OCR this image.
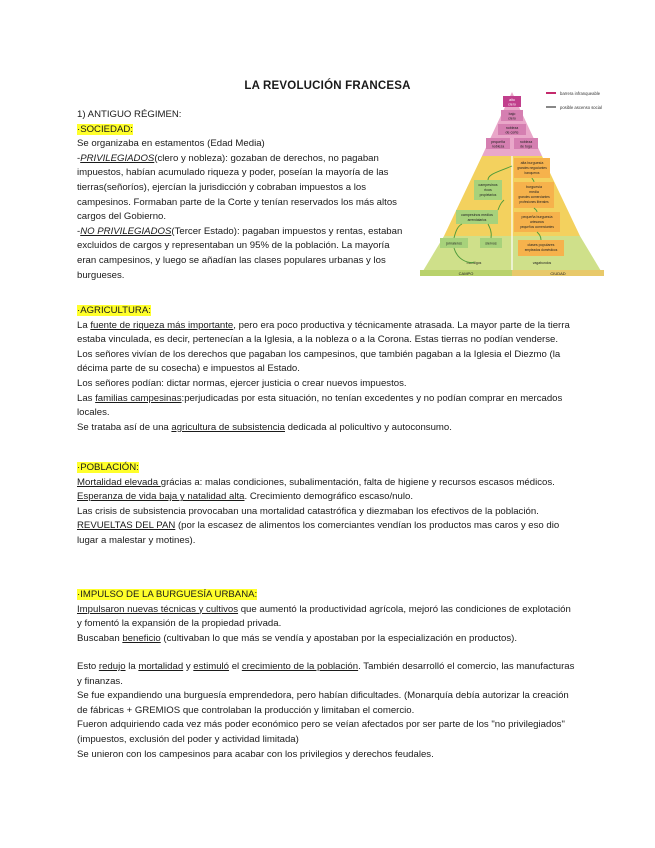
LA REVOLUCIÓN FRANCESA

1) ANTIGUO RÉGIMEN:

·SOCIEDAD:

Se organizaba en estamentos (Edad Media)

-PRIVILEGIADOS(clero y nobleza): gozaban de derechos, no pagaban impuestos, habían acumulado riqueza y poder, poseían la mayoría de las tierras(señoríos), ejercían la jurisdicción y cobraban impuestos a los campesinos. Formaban parte de la Corte y tenían reservados los más altos cargos del Gobierno.

-NO PRIVILEGIADOS(Tercer Estado): pagaban impuestos y rentas, estaban excluidos de cargos y representaban un 95% de la población. La mayoría eran campesinos, y luego se añadían las clases populares urbanas y los burgueses.

barrera infranqueable
posible ascenso social
alto
clero
bajo
clero
nobleza
de corte
pequeña
nobleza
nobleza
de toga
alta burguesía
grandes negociantes
banqueros
campesinos
ricos
propietarios
burguesía
media
grandes comerciantes
profesiones liberales
campesinos medios
arrendatarios
pequeña burguesía
artesanos
pequeños comerciantes
jornaleros	siervos	clases populares
empleados domésticos
mendigos	vagabundos
CAMPO	CIUDAD

·AGRICULTURA:

La fuente de riqueza más importante, pero era poco productiva y técnicamente atrasada. La mayor parte de la tierra estaba vinculada, es decir, pertenecían a la Iglesia, a la nobleza o a la Corona. Estas tierras no podían venderse.

Los señores vivían de los derechos que pagaban los campesinos, que también pagaban a la Iglesia el Diezmo (la décima parte de su cosecha) e impuestos al Estado.

Los señores podían: dictar normas, ejercer justicia o crear nuevos impuestos.

Las familias campesinas:perjudicadas por esta situación, no tenían excedentes y no podían comprar en mercados locales.

Se trataba así de una agricultura de subsistencia dedicada al policultivo y autoconsumo.

·POBLACIÓN:

Mortalidad elevada grácias a: malas condiciones, subalimentación, falta de higiene y recursos escasos médicos.

Esperanza de vida baja y natalidad alta. Crecimiento demográfico escaso/nulo.

Las crisis de subsistencia provocaban una mortalidad catastrófica y diezmaban los efectivos de la población.

REVUELTAS DEL PAN (por la escasez de alimentos los comerciantes vendían los productos mas caros y eso dio lugar a malestar y motines).

·IMPULSO DE LA BURGUESÍA URBANA:

Impulsaron nuevas técnicas y cultivos que aumentó la productividad agrícola, mejoró las condiciones de explotación y fomentó la expansión de la propiedad privada.

Buscaban beneficio (cultivaban lo que más se vendía y apostaban por la especialización en productos).

Esto redujo la mortalidad y estimuló el crecimiento de la población. También desarrolló el comercio, las manufacturas y finanzas.

Se fue expandiendo una burguesía emprendedora, pero habían dificultades. (Monarquía debía autorizar la creación de fábricas + GREMIOS que controlaban la producción y limitaban el comercio.

Fueron adquiriendo cada vez más poder económico pero se veían afectados por ser parte de los "no privilegiados" (impuestos, exclusión del poder y actividad limitada)

Se unieron con los campesinos para acabar con los privilegios y derechos feudales.
